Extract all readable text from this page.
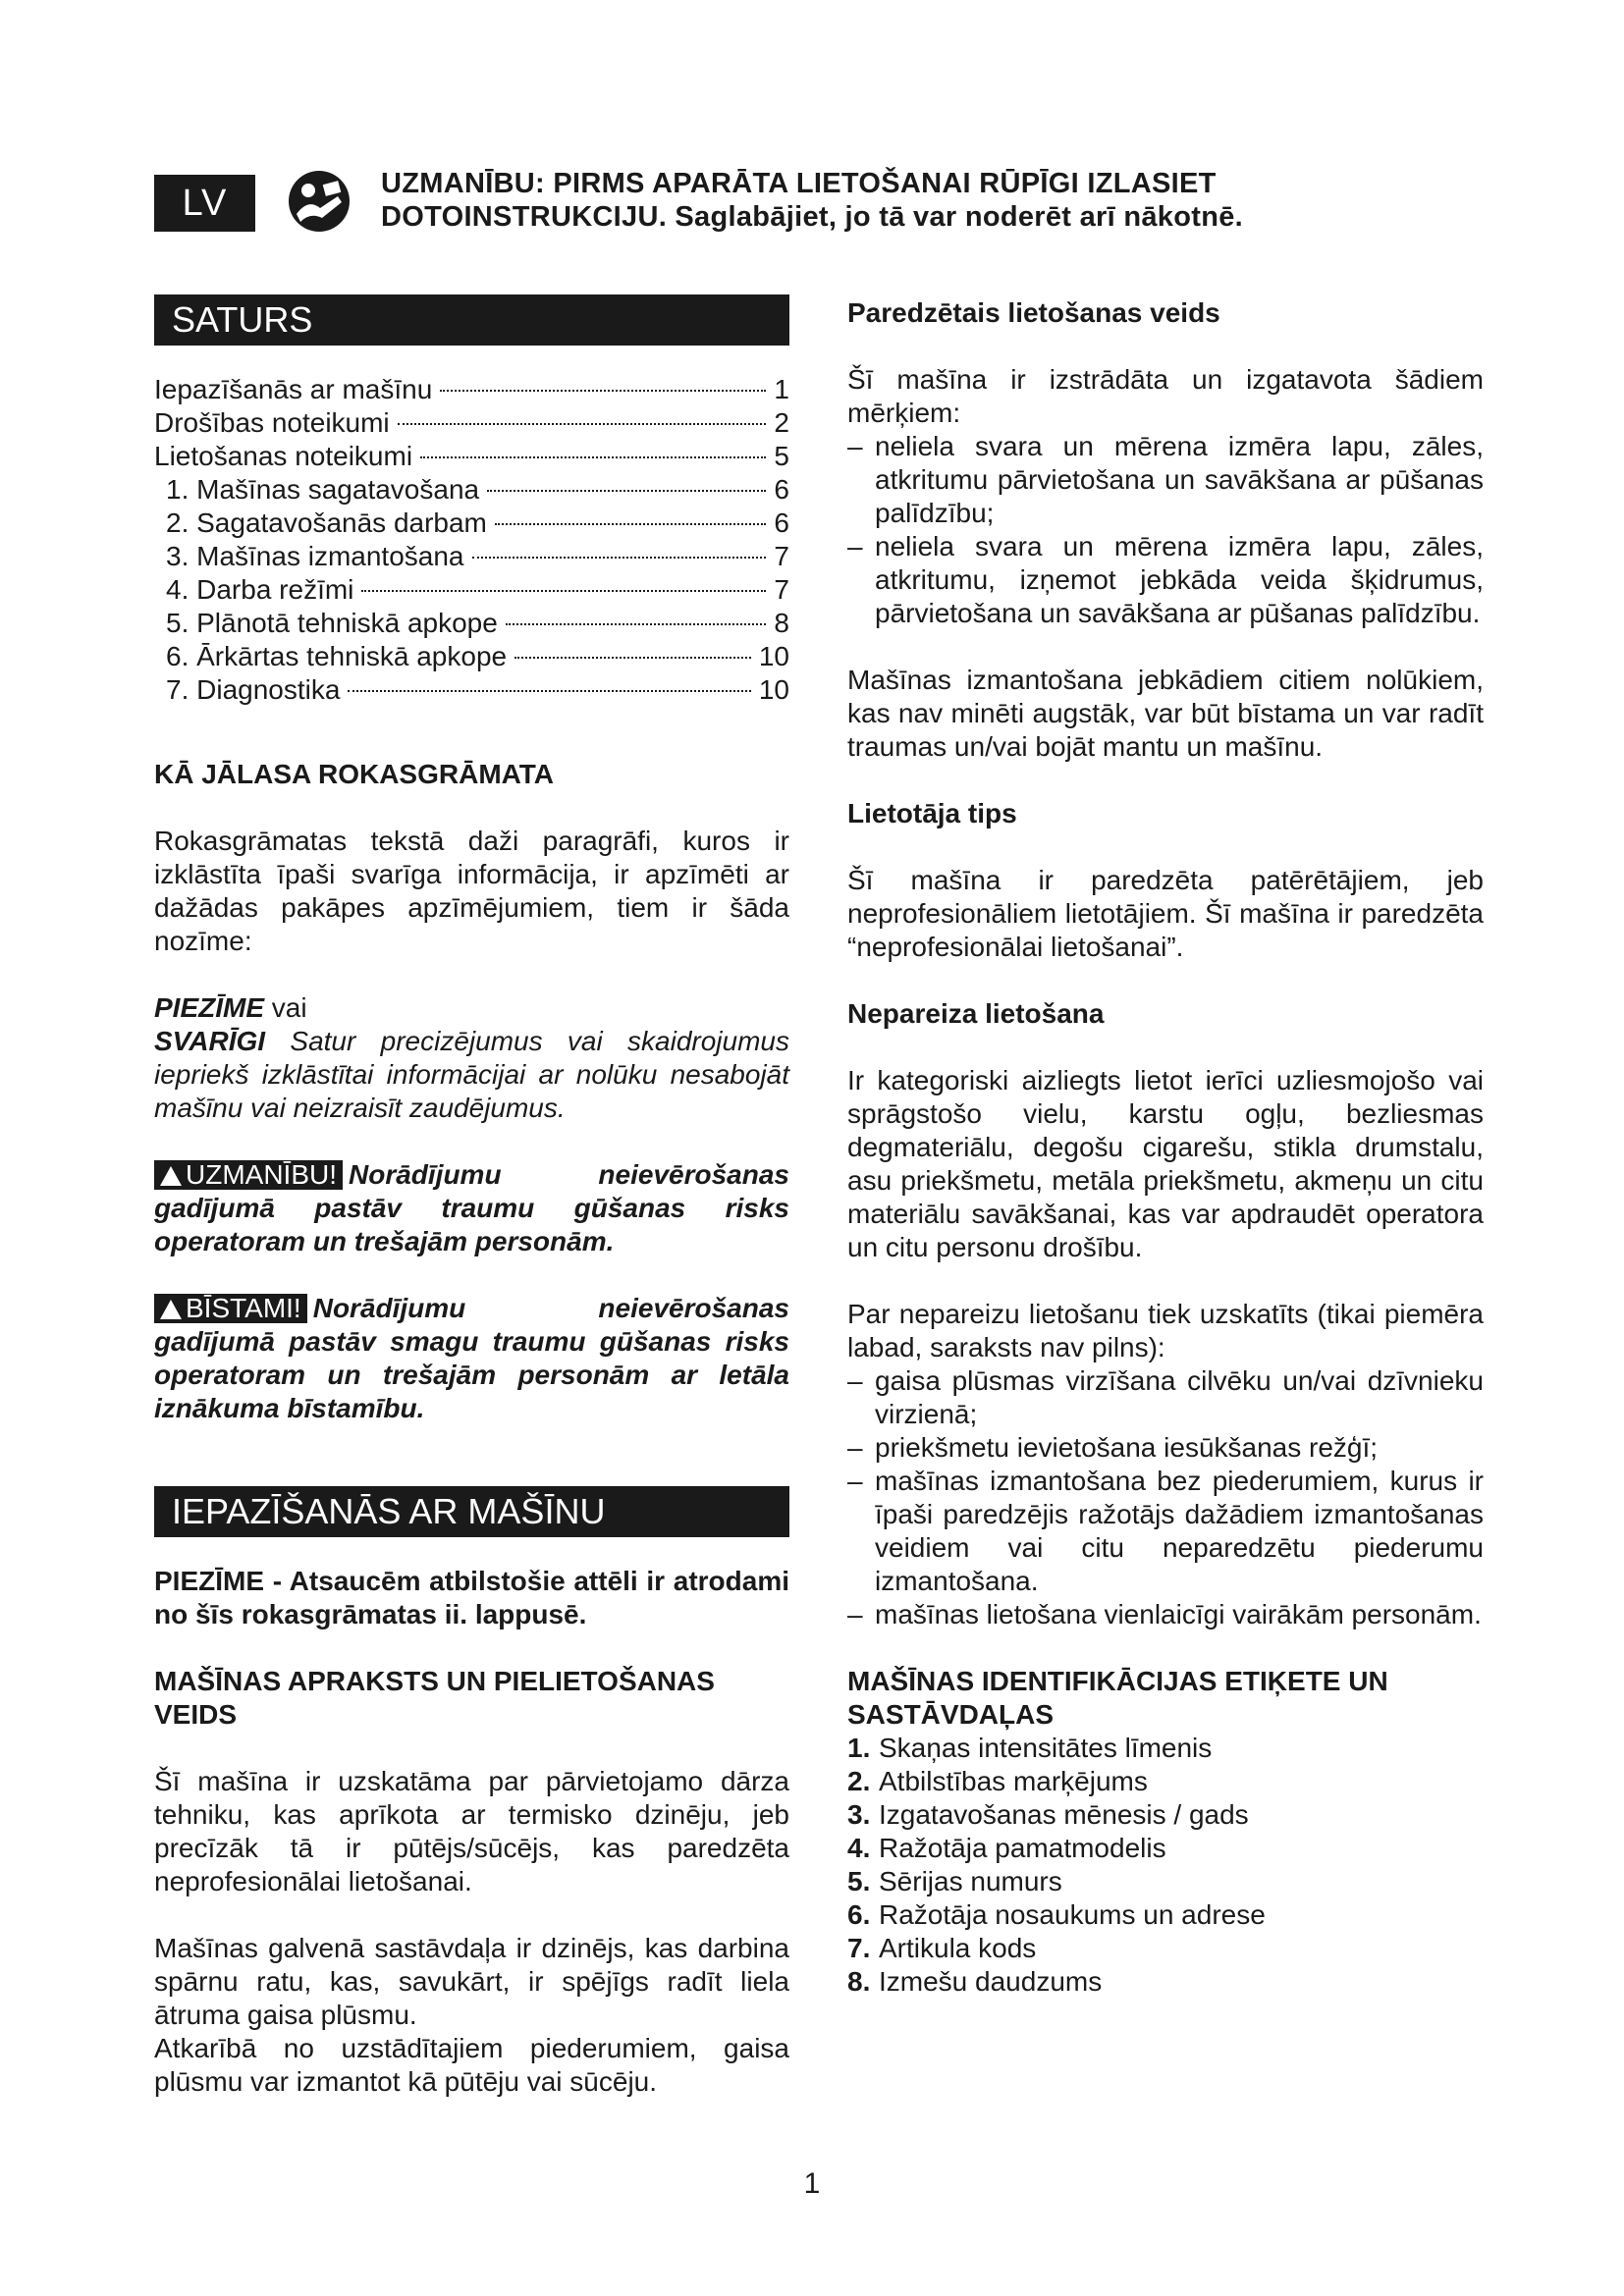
LV	UZMANĪBU: PIRMS APARĀTA LIETOŠANAI RŪPĪGI IZLASIET
DOTOINSTRUKCIJU. Saglabājiet, jo tā var noderēt arī nākotnē.
SATURS
Iepazīšanās ar mašīnu	1
Drošības noteikumi	2
Lietošanas noteikumi	5
1. Mašīnas sagatavošana	6
2. Sagatavošanās darbam	6
3. Mašīnas izmantošana	7
4. Darba režīmi	7
5. Plānotā tehniskā apkope	8
6. Ārkārtas tehniskā apkope	10
7. Diagnostika	10
KĀ JĀLASA ROKASGRĀMATA

Rokasgrāmatas tekstā daži paragrāfi, kuros ir izklāstīta īpaši svarīga informācija, ir apzīmēti ar dažādas pakāpes apzīmējumiem, tiem ir šāda nozīme:

PIEZĪME vai

SVARĪGI Satur precizējumus vai skaidrojumus iepriekš izklāstītai informācijai ar nolūku nesabojāt mašīnu vai neizraisīt zaudējumus.

UZMANĪBU! Norādījumu neievērošanas gadījumā pastāv traumu gūšanas risks operatoram un trešajām personām.

BĪSTAMI! Norādījumu neievērošanas gadījumā pastāv smagu traumu gūšanas risks operatoram un trešajām personām ar letāla iznākuma bīstamību.

IEPAZĪŠANĀS AR MAŠĪNU

PIEZĪME - Atsaucēm atbilstošie attēli ir atrodami no šīs rokasgrāmatas ii. lappusē.

MAŠĪNAS APRAKSTS UN PIELIETOŠANAS VEIDS

Šī mašīna ir uzskatāma par pārvietojamo dārza tehniku, kas aprīkota ar termisko dzinēju, jeb precīzāk tā ir pūtējs/sūcējs, kas paredzēta neprofesionālai lietošanai.

Mašīnas galvenā sastāvdaļa ir dzinējs, kas darbina spārnu ratu, kas, savukārt, ir spējīgs radīt liela ātruma gaisa plūsmu.

Atkarībā no uzstādītajiem piederumiem, gaisa plūsmu var izmantot kā pūtēju vai sūcēju.

Paredzētais lietošanas veids

Šī mašīna ir izstrādāta un izgatavota šādiem mērķiem:

– neliela svara un mērena izmēra lapu, zāles, atkritumu pārvietošana un savākšana ar pūšanas palīdzību;
– neliela svara un mērena izmēra lapu, zāles, atkritumu, izņemot jebkāda veida šķidrumus, pārvietošana un savākšana ar pūšanas palīdzību.

Mašīnas izmantošana jebkādiem citiem nolūkiem, kas nav minēti augstāk, var būt bīstama un var radīt traumas un/vai bojāt mantu un mašīnu.

Lietotāja tips

Šī mašīna ir paredzēta patērētājiem, jeb neprofesionāliem lietotājiem. Šī mašīna ir paredzēta “neprofesionālai lietošanai”.

Nepareiza lietošana

Ir kategoriski aizliegts lietot ierīci uzliesmojošo vai sprāgstošo vielu, karstu ogļu, bezliesmas degmateriālu, degošu cigarešu, stikla drumstalu, asu priekšmetu, metāla priekšmetu, akmeņu un citu materiālu savākšanai, kas var apdraudēt operatora un citu personu drošību.

Par nepareizu lietošanu tiek uzskatīts (tikai piemēra labad, saraksts nav pilns):

– gaisa plūsmas virzīšana cilvēku un/vai dzīvnieku virzienā;
– priekšmetu ievietošana iesūkšanas režģī;
– mašīnas izmantošana bez piederumiem, kurus ir īpaši paredzējis ražotājs dažādiem izmantošanas veidiem vai citu neparedzētu piederumu izmantošana.
– mašīnas lietošana vienlaicīgi vairākām personām.
MAŠĪNAS IDENTIFIKĀCIJAS ETIĶETE UN SASTĀVDAĻAS
1. Skaņas intensitātes līmenis
2. Atbilstības marķējums
3. Izgatavošanas mēnesis / gads
4. Ražotāja pamatmodelis
5. Sērijas numurs
6. Ražotāja nosaukums un adrese
7. Artikula kods
8. Izmešu daudzums
1
